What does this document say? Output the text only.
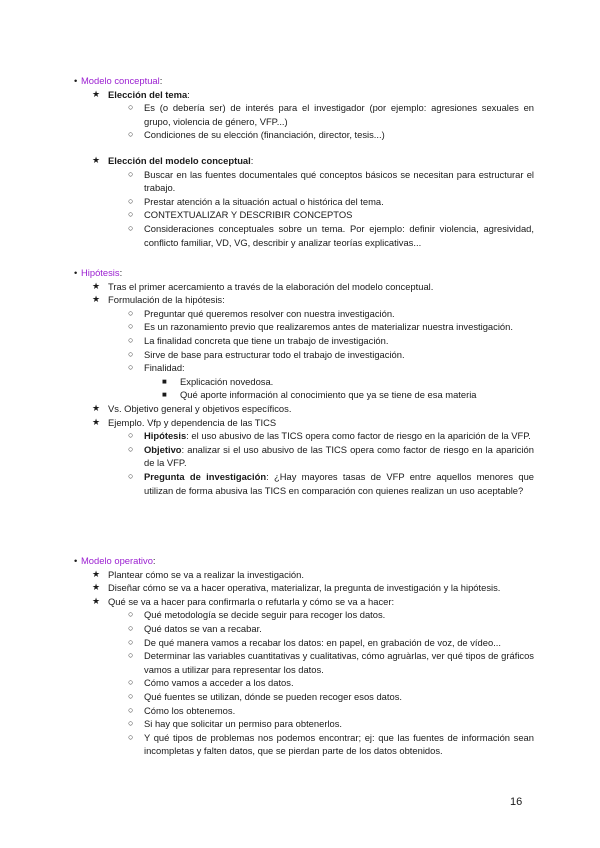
• Modelo conceptual:
★ Elección del tema:
○ Es (o debería ser) de interés para el investigador (por ejemplo: agresiones sexuales en grupo, violencia de género, VFP...)
○ Condiciones de su elección (financiación, director, tesis...)
★ Elección del modelo conceptual:
○ Buscar en las fuentes documentales qué conceptos básicos se necesitan para estructurar el trabajo.
○ Prestar atención a la situación actual o histórica del tema.
○ CONTEXTUALIZAR Y DESCRIBIR CONCEPTOS
○ Consideraciones conceptuales sobre un tema. Por ejemplo: definir violencia, agresividad, conflicto familiar, VD, VG, describir y analizar teorías explicativas...
• Hipótesis:
★ Tras el primer acercamiento a través de la elaboración del modelo conceptual.
★ Formulación de la hipótesis:
○ Preguntar qué queremos resolver con nuestra investigación.
○ Es un razonamiento previo que realizaremos antes de materializar nuestra investigación.
○ La finalidad concreta que tiene un trabajo de investigación.
○ Sirve de base para estructurar todo el trabajo de investigación.
○ Finalidad:
■ Explicación novedosa.
■ Qué aporte información al conocimiento que ya se tiene de esa materia
★ Vs. Objetivo general y objetivos específicos.
★ Ejemplo. Vfp y dependencia de las TICS
○ Hipótesis: el uso abusivo de las TICS opera como factor de riesgo en la aparición de la VFP.
○ Objetivo: analizar si el uso abusivo de las TICS opera como factor de riesgo en la aparición de la VFP.
○ Pregunta de investigación: ¿Hay mayores tasas de VFP entre aquellos menores que utilizan de forma abusiva las TICS en comparación con quienes realizan un uso aceptable?
• Modelo operativo:
★ Plantear cómo se va a realizar la investigación.
★ Diseñar cómo se va a hacer operativa, materializar, la pregunta de investigación y la hipótesis.
★ Qué se va a hacer para confirmarla o refutarla y cómo se va a hacer:
○ Qué metodología se decide seguir para recoger los datos.
○ Qué datos se van a recabar.
○ De qué manera vamos a recabar los datos: en papel, en grabación de voz, de vídeo...
○ Determinar las variables cuantitativas y cualitativas, cómo agruàrlas, ver qué tipos de gráficos vamos a utilizar para representar los datos.
○ Cómo vamos a acceder a los datos.
○ Qué fuentes se utilizan, dónde se pueden recoger esos datos.
○ Cómo los obtenemos.
○ Si hay que solicitar un permiso para obtenerlos.
○ Y qué tipos de problemas nos podemos encontrar; ej: que las fuentes de información sean incompletas y falten datos, que se pierdan parte de los datos obtenidos.
16
